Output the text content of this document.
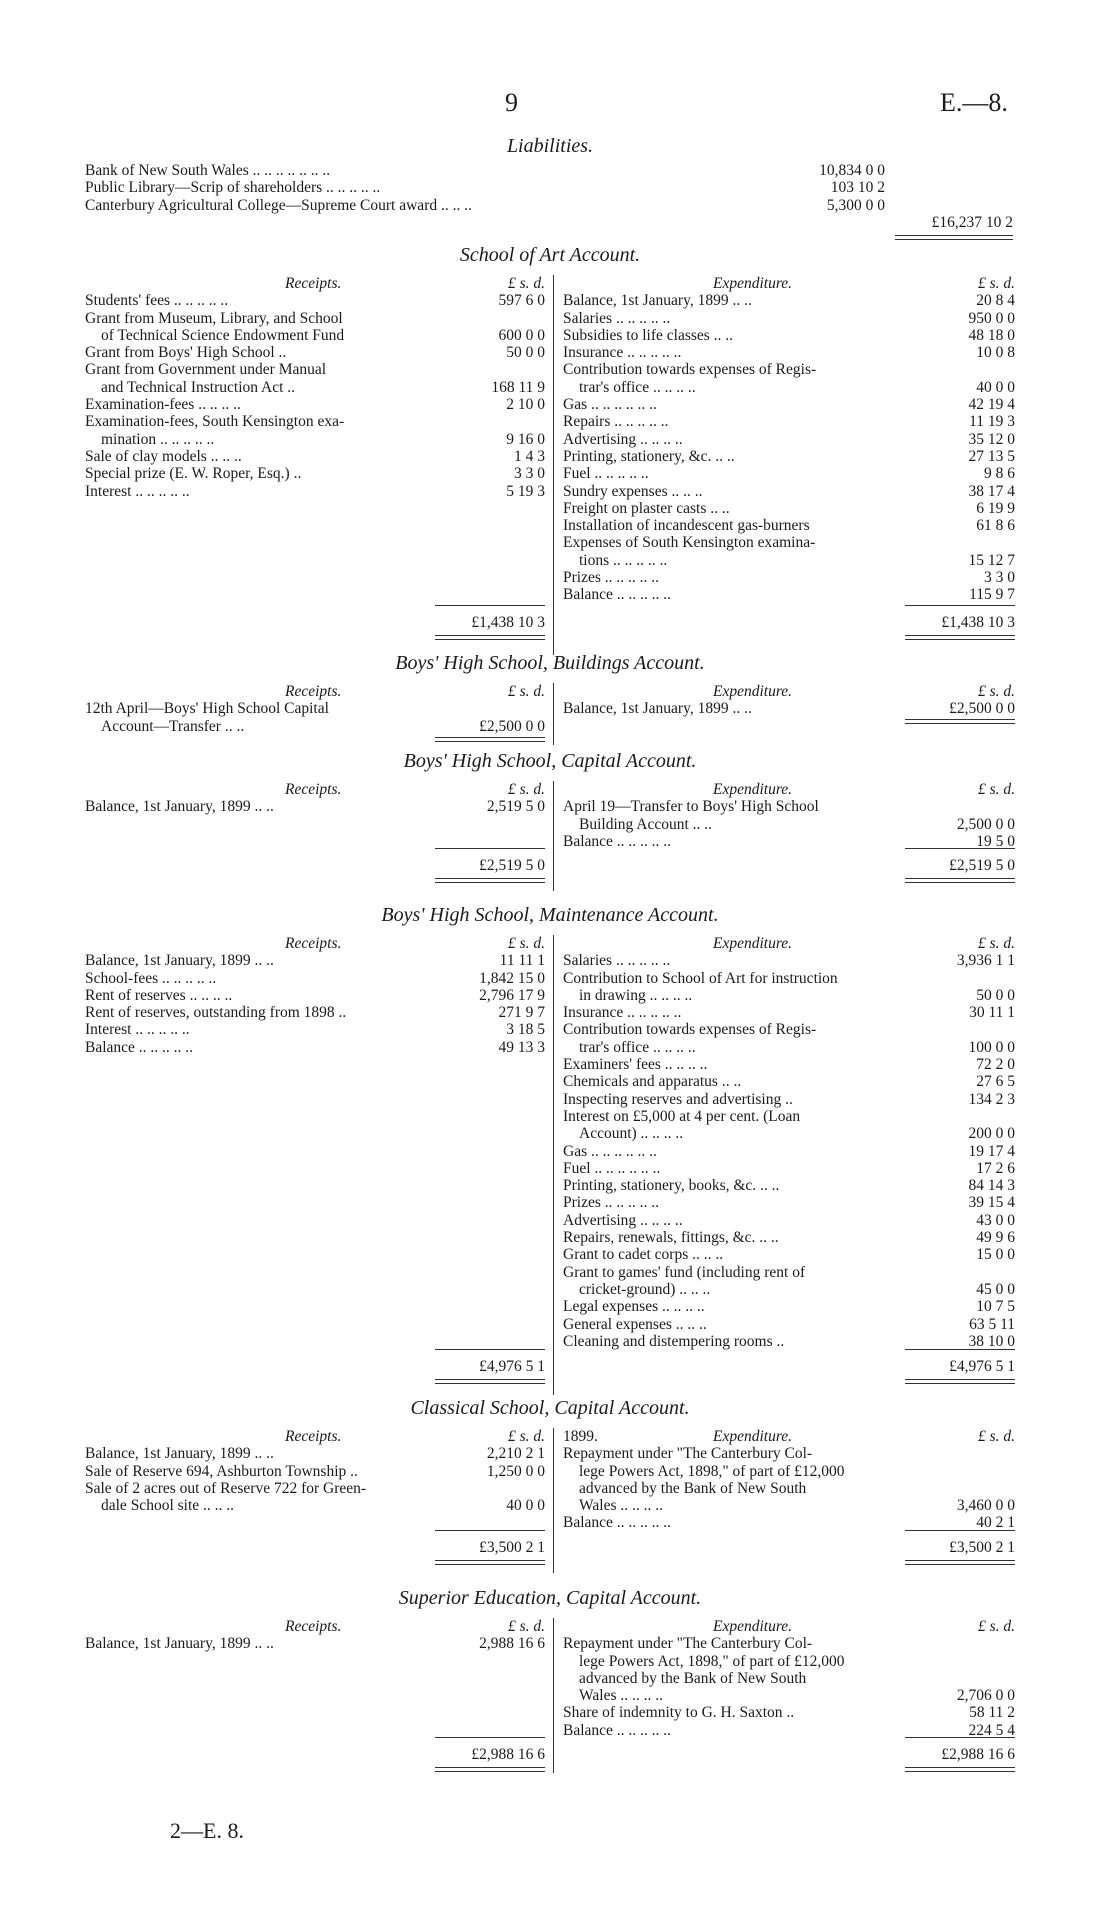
9	E.—8.
Liabilities.
Bank of New South Wales .. .. .. .. .. .. ..	10,834 0 0
Public Library—Scrip of shareholders .. .. .. .. ..	103 10 2
Canterbury Agricultural College—Supreme Court award .. .. ..	5,300 0 0
£16,237 10 2
School of Art Account.
Receipts.	£ s. d.
Students' fees .. .. .. .. ..	597 6 0
Grant from Museum, Library, and School
of Technical Science Endowment Fund	600 0 0
Grant from Boys' High School ..	50 0 0
Grant from Government under Manual
and Technical Instruction Act ..	168 11 9
Examination-fees .. .. .. ..	2 10 0
Examination-fees, South Kensington exa-
mination .. .. .. .. ..	9 16 0
Sale of clay models .. .. ..	1 4 3
Special prize (E. W. Roper, Esq.) ..	3 3 0
Interest .. .. .. .. ..	5 19 3
Expenditure.	£ s. d.
Balance, 1st January, 1899 .. ..	20 8 4
Salaries .. .. .. .. ..	950 0 0
Subsidies to life classes .. ..	48 18 0
Insurance .. .. .. .. ..	10 0 8
Contribution towards expenses of Regis-
trar's office .. .. .. ..	40 0 0
Gas .. .. .. .. .. ..	42 19 4
Repairs .. .. .. .. ..	11 19 3
Advertising .. .. .. ..	35 12 0
Printing, stationery, &c. .. ..	27 13 5
Fuel .. .. .. .. ..	9 8 6
Sundry expenses .. .. ..	38 17 4
Freight on plaster casts .. ..	6 19 9
Installation of incandescent gas-burners	61 8 6
Expenses of South Kensington examina-
tions .. .. .. .. ..	15 12 7
Prizes .. .. .. .. ..	3 3 0
Balance .. .. .. .. ..	115 9 7
£1,438 10 3	£1,438 10 3
Boys' High School, Buildings Account.
Receipts.	£ s. d.
12th April—Boys' High School Capital
Account—Transfer .. ..	£2,500 0 0
Expenditure.	£ s. d.
Balance, 1st January, 1899 .. ..	£2,500 0 0
Boys' High School, Capital Account.
Receipts.	£ s. d.
Balance, 1st January, 1899 .. ..	2,519 5 0
Expenditure.	£ s. d.
April 19—Transfer to Boys' High School
Building Account .. ..	2,500 0 0
Balance .. .. .. .. ..	19 5 0
£2,519 5 0	£2,519 5 0
Boys' High School, Maintenance Account.
Receipts.	£ s. d.
Balance, 1st January, 1899 .. ..	11 11 1
School-fees .. .. .. .. ..	1,842 15 0
Rent of reserves .. .. .. ..	2,796 17 9
Rent of reserves, outstanding from 1898 ..	271 9 7
Interest .. .. .. .. ..	3 18 5
Balance .. .. .. .. ..	49 13 3
Expenditure.	£ s. d.
Salaries .. .. .. .. ..	3,936 1 1
Contribution to School of Art for instruction
in drawing .. .. .. ..	50 0 0
Insurance .. .. .. .. ..	30 11 1
Contribution towards expenses of Regis-
trar's office .. .. .. ..	100 0 0
Examiners' fees .. .. .. ..	72 2 0
Chemicals and apparatus .. ..	27 6 5
Inspecting reserves and advertising ..	134 2 3
Interest on £5,000 at 4 per cent. (Loan
Account) .. .. .. ..	200 0 0
Gas .. .. .. .. .. ..	19 17 4
Fuel .. .. .. .. .. ..	17 2 6
Printing, stationery, books, &c. .. ..	84 14 3
Prizes .. .. .. .. ..	39 15 4
Advertising .. .. .. ..	43 0 0
Repairs, renewals, fittings, &c. .. ..	49 9 6
Grant to cadet corps .. .. ..	15 0 0
Grant to games' fund (including rent of
cricket-ground) .. .. ..	45 0 0
Legal expenses .. .. .. ..	10 7 5
General expenses .. .. ..	63 5 11
Cleaning and distempering rooms ..	38 10 0
£4,976 5 1	£4,976 5 1
Classical School, Capital Account.
Receipts.	£ s. d.
Balance, 1st January, 1899 .. ..	2,210 2 1
Sale of Reserve 694, Ashburton Township ..	1,250 0 0
Sale of 2 acres out of Reserve 722 for Green-
dale School site .. .. ..	40 0 0
1899.	Expenditure.	£ s. d.
Repayment under "The Canterbury Col-
lege Powers Act, 1898," of part of £12,000
advanced by the Bank of New South
Wales .. .. .. ..	3,460 0 0
Balance .. .. .. .. ..	40 2 1
£3,500 2 1	£3,500 2 1
Superior Education, Capital Account.
Receipts.	£ s. d.
Balance, 1st January, 1899 .. ..	2,988 16 6
Expenditure.	£ s. d.
Repayment under "The Canterbury Col-
lege Powers Act, 1898," of part of £12,000
advanced by the Bank of New South
Wales .. .. .. ..	2,706 0 0
Share of indemnity to G. H. Saxton ..	58 11 2
Balance .. .. .. .. ..	224 5 4
£2,988 16 6	£2,988 16 6
2—E. 8.
